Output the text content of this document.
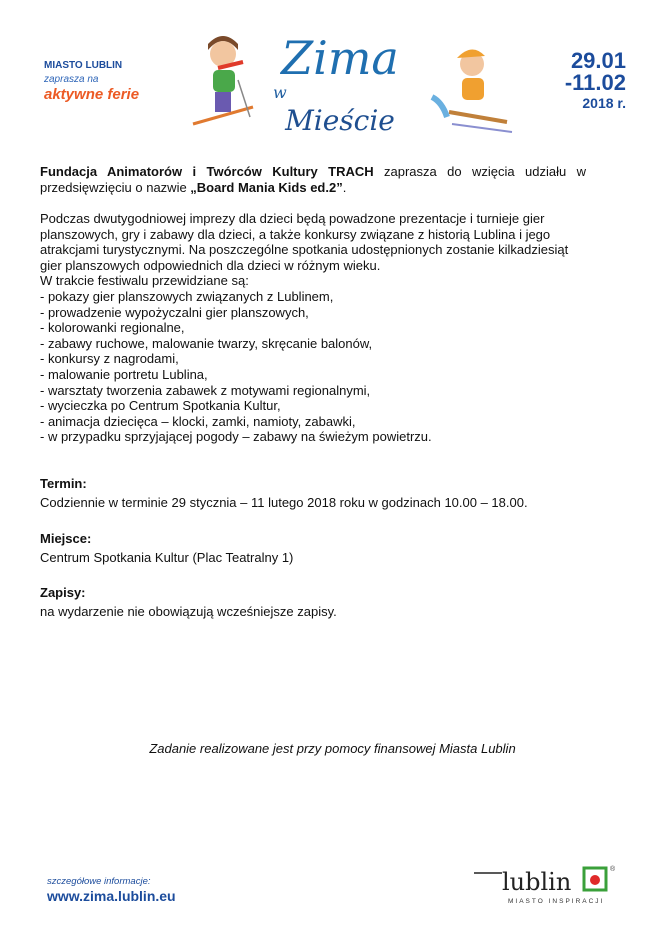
MIASTO LUBLIN
zaprasza na
aktywne ferie
Zima
w
Mieście
29.01
-11.02
2018 r.
Fundacja Animatorów i Twórców Kultury TRACH zaprasza do wzięcia udziału w przedsięwzięciu o nazwie „Board Mania Kids ed.2”.
Podczas dwutygodniowej imprezy dla dzieci będą powadzone prezentacje i turnieje gier planszowych, gry i zabawy dla dzieci, a także konkursy związane z historią Lublina i jego atrakcjami turystycznymi. Na poszczególne spotkania udostępnionych zostanie kilkadziesiąt gier planszowych odpowiednich dla dzieci w różnym wieku.
W trakcie festiwalu przewidziane są:
- pokazy gier planszowych związanych z Lublinem,
- prowadzenie wypożyczalni gier planszowych,
- kolorowanki regionalne,
- zabawy ruchowe, malowanie twarzy, skręcanie balonów,
- konkursy z nagrodami,
- malowanie portretu Lublina,
- warsztaty tworzenia zabawek z motywami regionalnymi,
- wycieczka po Centrum Spotkania Kultur,
- animacja dziecięca – klocki, zamki, namioty, zabawki,
- w przypadku sprzyjającej pogody – zabawy na świeżym powietrzu.
Termin:
Codziennie w terminie 29 stycznia – 11 lutego 2018 roku w godzinach 10.00 – 18.00.
Miejsce:
Centrum Spotkania Kultur (Plac Teatralny 1)
Zapisy:
na wydarzenie nie obowiązują wcześniejsze zapisy.
Zadanie realizowane jest przy pomocy finansowej Miasta Lublin
szczegółowe informacje:
www.zima.lublin.eu	lublin	®
MIASTO INSPIRACJI
